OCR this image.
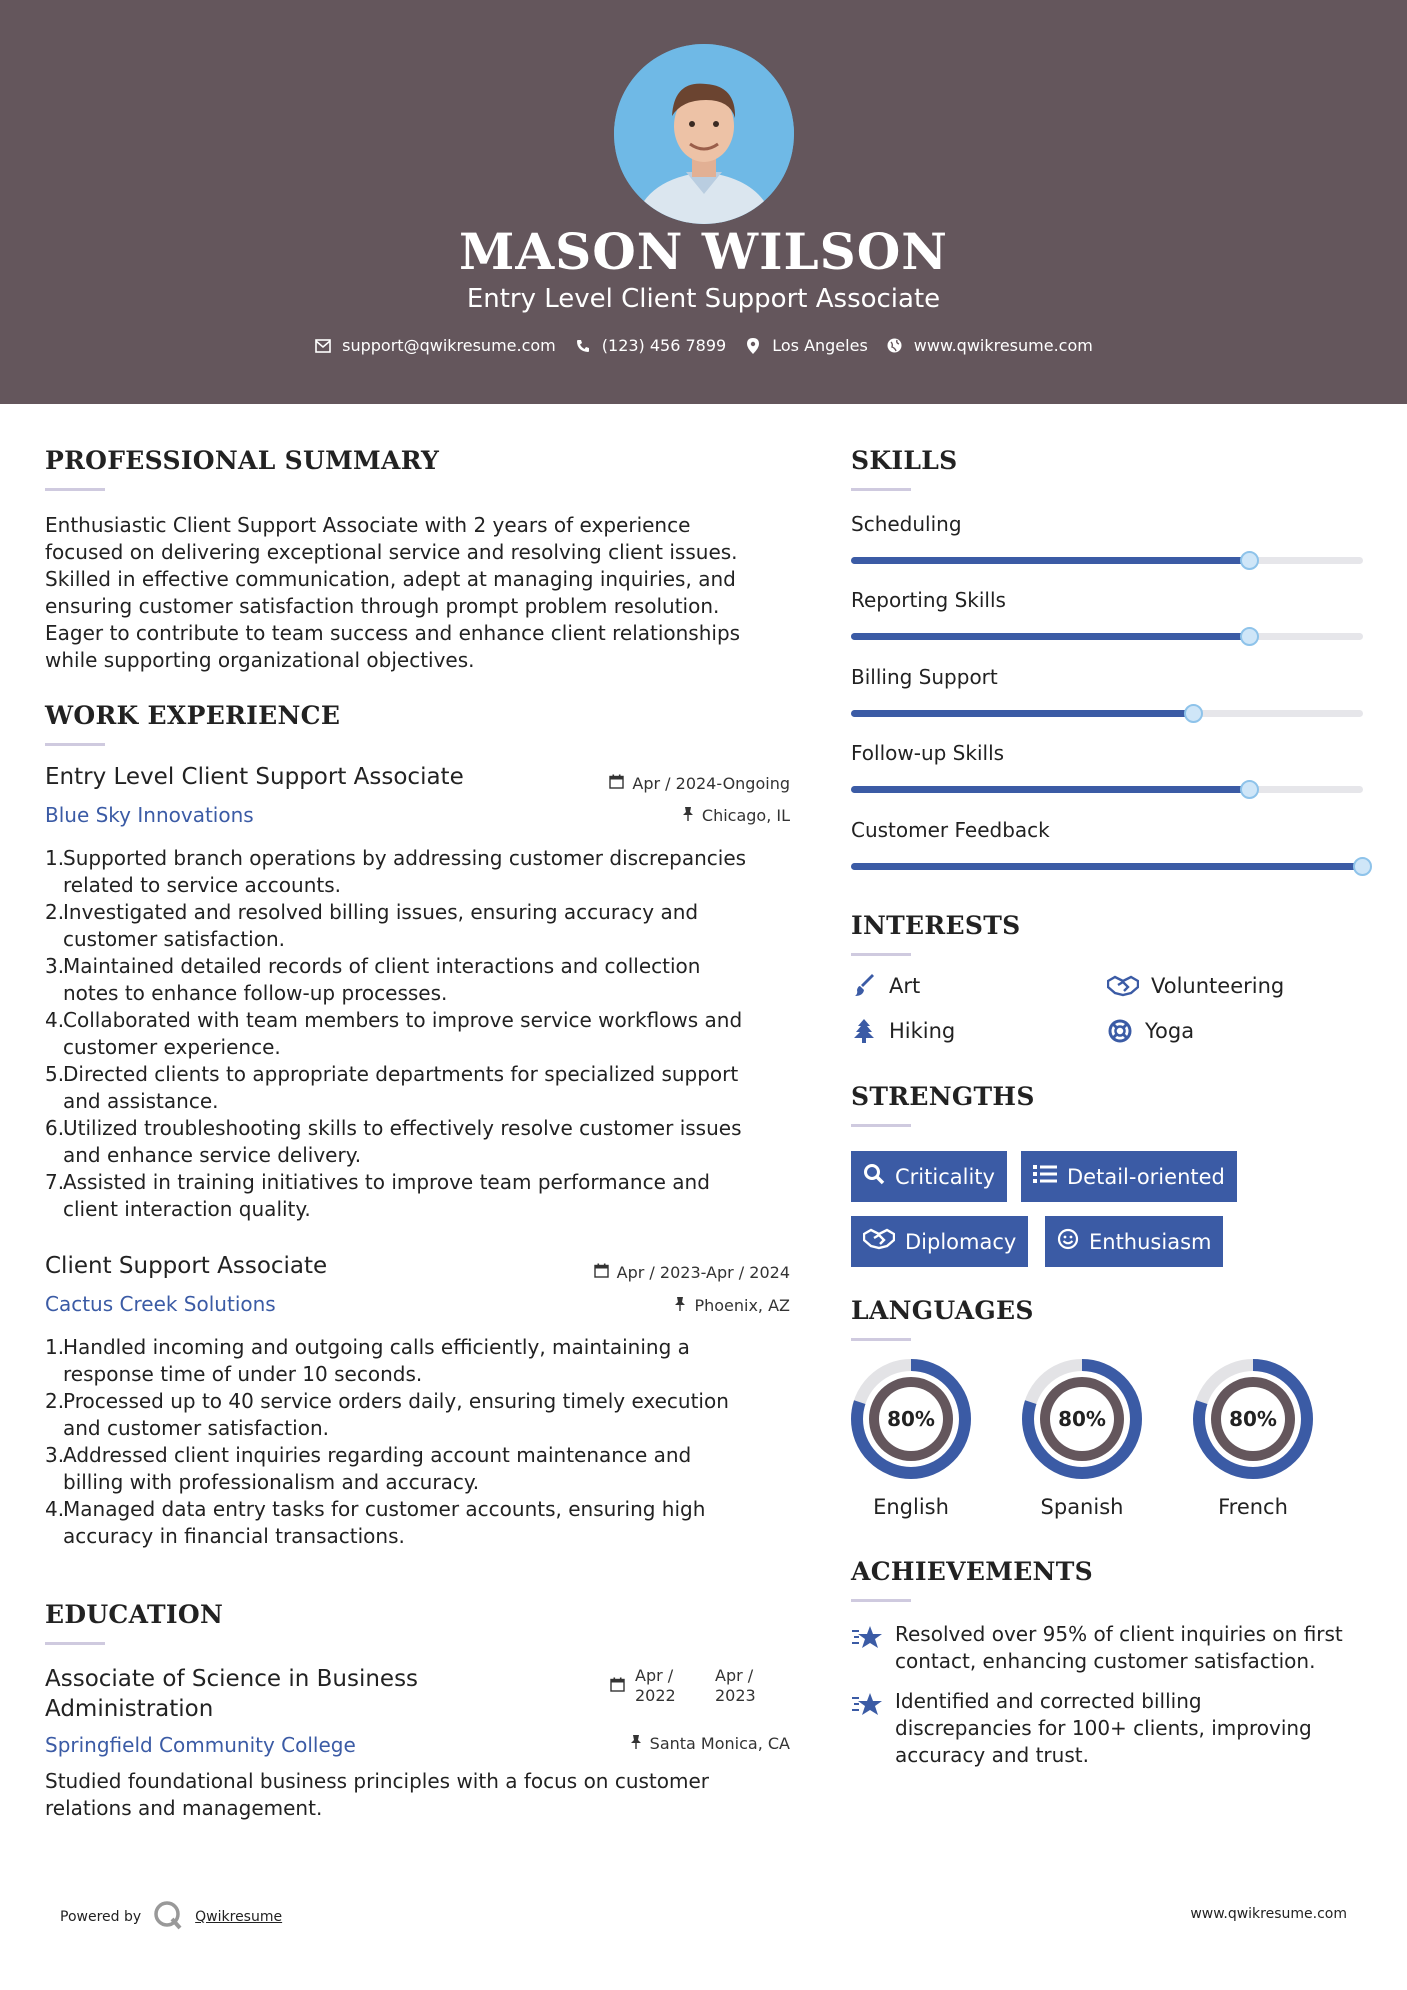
MASON WILSON
Entry Level Client Support Associate
support@qwikresume.com	(123) 456 7899	Los Angeles	www.qwikresume.com
PROFESSIONAL SUMMARY
Enthusiastic Client Support Associate with 2 years of experience
focused on delivering exceptional service and resolving client issues.
Skilled in effective communication, adept at managing inquiries, and
ensuring customer satisfaction through prompt problem resolution.
Eager to contribute to team success and enhance client relationships
while supporting organizational objectives.
WORK EXPERIENCE
Entry Level Client Support Associate	Apr / 2024-Ongoing
Blue Sky Innovations	Chicago, IL
1.
Supported branch operations by addressing customer discrepancies
related to service accounts.
2.
Investigated and resolved billing issues, ensuring accuracy and
customer satisfaction.
3.
Maintained detailed records of client interactions and collection
notes to enhance follow-up processes.
4.
Collaborated with team members to improve service workflows and
customer experience.
5.
Directed clients to appropriate departments for specialized support
and assistance.
6.
Utilized troubleshooting skills to effectively resolve customer issues
and enhance service delivery.
7.
Assisted in training initiatives to improve team performance and
client interaction quality.
Client Support Associate	Apr / 2023-Apr / 2024
Cactus Creek Solutions	Phoenix, AZ
1.
Handled incoming and outgoing calls efficiently, maintaining a
response time of under 10 seconds.
2.
Processed up to 40 service orders daily, ensuring timely execution
and customer satisfaction.
3.
Addressed client inquiries regarding account maintenance and
billing with professionalism and accuracy.
4.
Managed data entry tasks for customer accounts, ensuring high
accuracy in financial transactions.
EDUCATION
Associate of Science in Business
Administration
Apr /
2022
Apr /
2023
Springfield Community College	Santa Monica, CA
Studied foundational business principles with a focus on customer
relations and management.
SKILLS
Scheduling
Reporting Skills
Billing Support
Follow-up Skills
Customer Feedback
INTERESTS
Art	Volunteering
Hiking	Yoga
STRENGTHS
Criticality	Detail-oriented
Diplomacy	Enthusiasm
LANGUAGES
80%	80%	80%
English	Spanish	French
ACHIEVEMENTS
Resolved over 95% of client inquiries on first
contact, enhancing customer satisfaction.
Identified and corrected billing
discrepancies for 100+ clients, improving
accuracy and trust.
Powered by	Qwikresume	www.qwikresume.com
